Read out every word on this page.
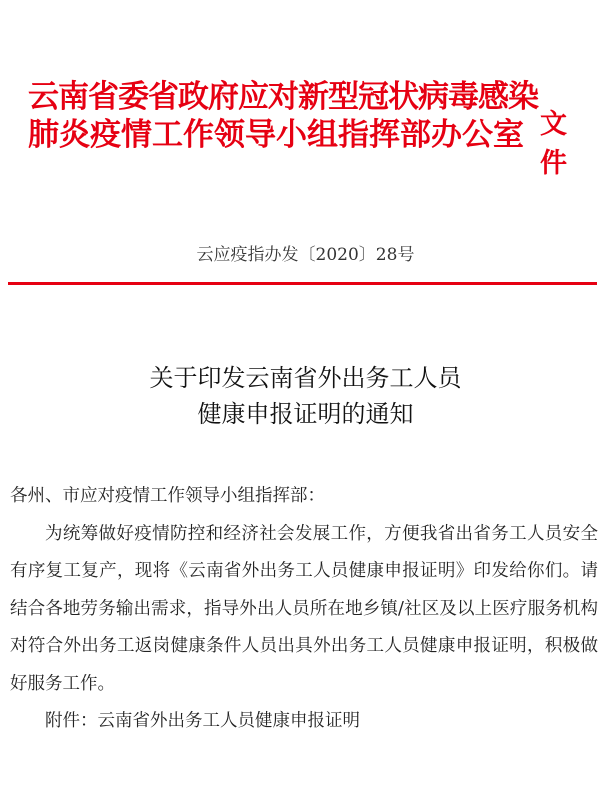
云南省委省政府应对新型冠状病毒感染
肺炎疫情工作领导小组指挥部办公室 文件
云应疫指办发〔2020〕28号
关于印发云南省外出务工人员
健康申报证明的通知

各州、市应对疫情工作领导小组指挥部：

为统筹做好疫情防控和经济社会发展工作，方便我省出省务工人员安全有序复工复产，现将《云南省外出务工人员健康申报证明》印发给你们。请结合各地劳务输出需求，指导外出人员所在地乡镇/社区及以上医疗服务机构对符合外出务工返岗健康条件人员出具外出务工人员健康申报证明，积极做好服务工作。

附件：云南省外出务工人员健康申报证明
